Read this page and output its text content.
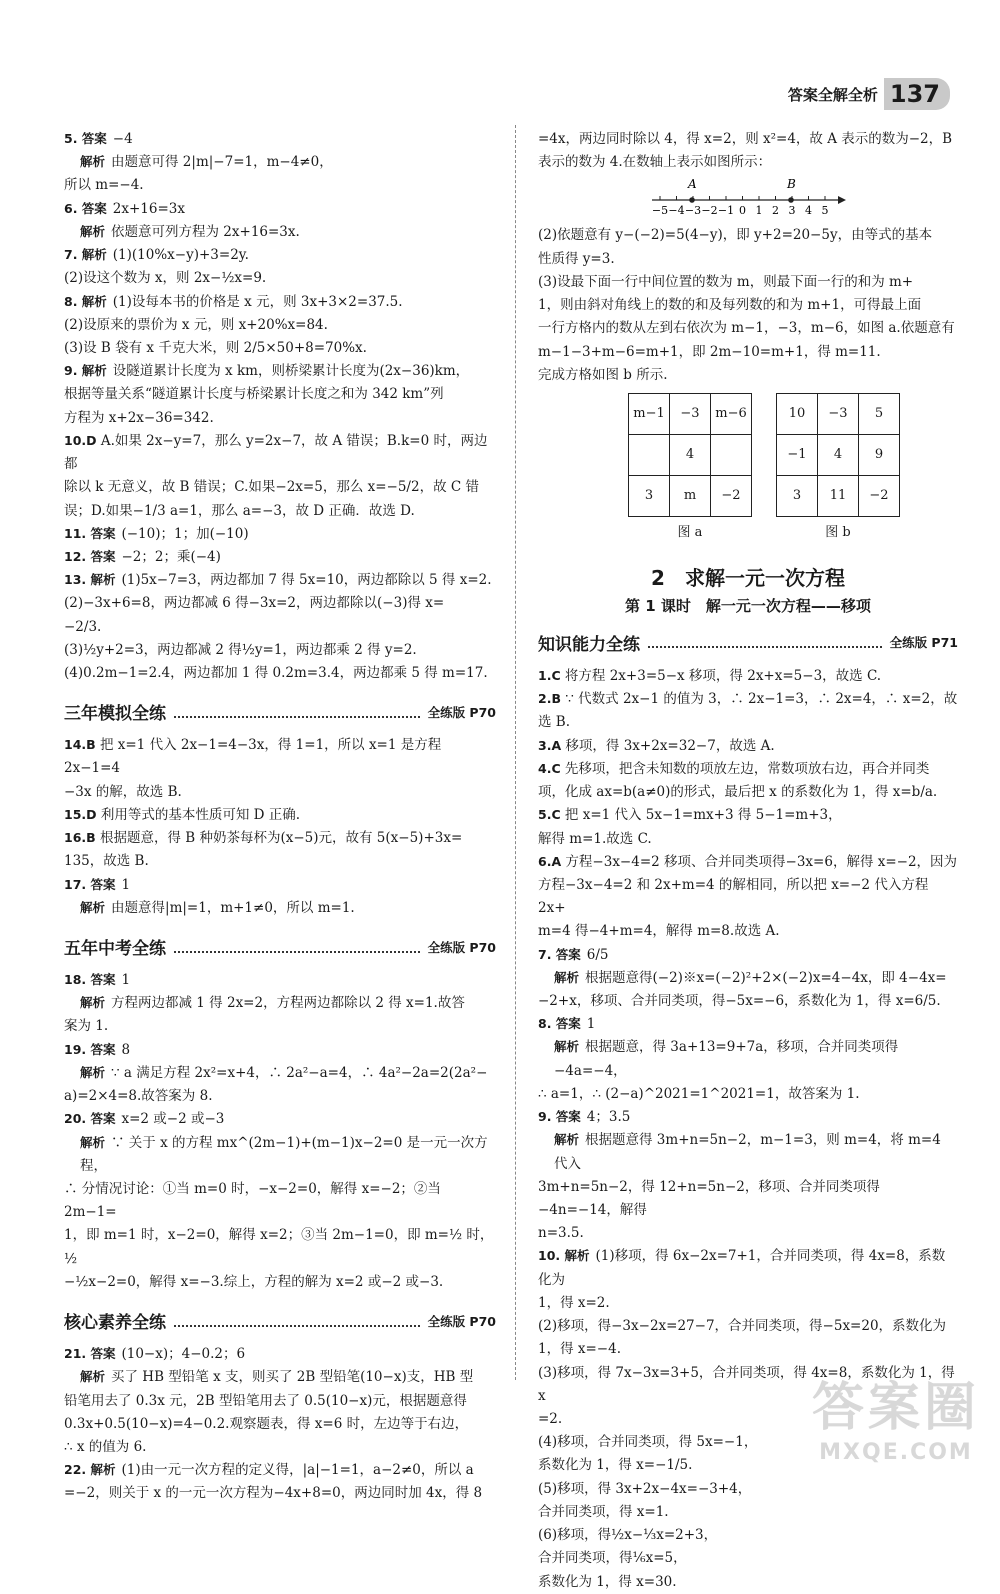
答案全解全析 137
5. 答案 −4
解析 由题意可得 2|m|−7=1，m−4≠0，
所以 m=−4.
6. 答案 2x+16=3x
解析 依题意可列方程为 2x+16=3x.
7. 解析 (1)(10%x−y)+3=2y.
(2)设这个数为 x，则 2x−½x=9.
8. 解析 (1)设每本书的价格是 x 元，则 3x+3×2=37.5.
(2)设原来的票价为 x 元，则 x+20%x=84.
(3)设 B 袋有 x 千克大米，则 2/5×50+8=70%x.
9. 解析 设隧道累计长度为 x km，则桥梁累计长度为(2x−36)km，
根据等量关系“隧道累计长度与桥梁累计长度之和为 342 km”列
方程为 x+2x−36=342.
10.D A.如果 2x−y=7，那么 y=2x−7，故 A 错误；B.k=0 时，两边都
除以 k 无意义，故 B 错误；C.如果−2x=5，那么 x=−5/2，故 C 错
误；D.如果−1/3 a=1，那么 a=−3，故 D 正确．故选 D.
11. 答案 (−10)；1；加(−10)
12. 答案 −2；2；乘(−4)
13. 解析 (1)5x−7=3，两边都加 7 得 5x=10，两边都除以 5 得 x=2.
(2)−3x+6=8，两边都减 6 得−3x=2，两边都除以(−3)得 x=
−2/3.
(3)½y+2=3，两边都减 2 得½y=1，两边都乘 2 得 y=2.
(4)0.2m−1=2.4，两边都加 1 得 0.2m=3.4，两边都乘 5 得 m=17.
三年模拟全练	全练版 P70
14.B 把 x=1 代入 2x−1=4−3x，得 1=1，所以 x=1 是方程 2x−1=4
−3x 的解，故选 B.
15.D 利用等式的基本性质可知 D 正确.
16.B 根据题意，得 B 种奶茶每杯为(x−5)元，故有 5(x−5)+3x=
135，故选 B.
17. 答案 1
解析 由题意得|m|=1，m+1≠0，所以 m=1.
五年中考全练	全练版 P70
18. 答案 1
解析 方程两边都减 1 得 2x=2，方程两边都除以 2 得 x=1.故答
案为 1.
19. 答案 8
解析 ∵ a 满足方程 2x²=x+4，∴ 2a²−a=4，∴ 4a²−2a=2(2a²−
a)=2×4=8.故答案为 8.
20. 答案 x=2 或−2 或−3
解析 ∵ 关于 x 的方程 mx^(2m−1)+(m−1)x−2=0 是一元一次方程，
∴ 分情况讨论：①当 m=0 时，−x−2=0，解得 x=−2；②当 2m−1=
1，即 m=1 时，x−2=0，解得 x=2；③当 2m−1=0，即 m=½ 时，½
−½x−2=0，解得 x=−3.综上，方程的解为 x=2 或−2 或−3.
核心素养全练	全练版 P70
21. 答案 (10−x)；4−0.2；6
解析 买了 HB 型铅笔 x 支，则买了 2B 型铅笔(10−x)支，HB 型
铅笔用去了 0.3x 元，2B 型铅笔用去了 0.5(10−x)元，根据题意得
0.3x+0.5(10−x)=4−0.2.观察题表，得 x=6 时，左边等于右边，
∴ x 的值为 6.
22. 解析 (1)由一元一次方程的定义得，|a|−1=1，a−2≠0，所以 a
=−2，则关于 x 的一元一次方程为−4x+8=0，两边同时加 4x，得 8
=4x，两边同时除以 4，得 x=2，则 x²=4，故 A 表示的数为−2，B
表示的数为 4.在数轴上表示如图所示：
−5 −4 −3 −2 −1 0 1 2 3 4 5
A	B
(2)依题意有 y−(−2)=5(4−y)，即 y+2=20−5y，由等式的基本
性质得 y=3.
(3)设最下面一行中间位置的数为 m，则最下面一行的和为 m+
1，则由斜对角线上的数的和及每列数的和为 m+1，可得最上面
一行方格内的数从左到右依次为 m−1，−3，m−6，如图 a.依题意有
m−1−3+m−6=m+1，即 2m−10=m+1，得 m=11.
完成方格如图 b 所示.
m−1	−3	m−6
	4	
3	m	−2
图 a
10	−3	5
−1	4	9
3	11	−2
图 b
2　求解一元一次方程
第 1 课时　解一元一次方程——移项
知识能力全练	全练版 P71
1.C 将方程 2x+3=5−x 移项，得 2x+x=5−3，故选 C.
2.B ∵ 代数式 2x−1 的值为 3，∴ 2x−1=3，∴ 2x=4，∴ x=2，故选 B.
3.A 移项，得 3x+2x=32−7，故选 A.
4.C 先移项，把含未知数的项放左边，常数项放右边，再合并同类
项，化成 ax=b(a≠0)的形式，最后把 x 的系数化为 1，得 x=b/a.
5.C 把 x=1 代入 5x−1=mx+3 得 5−1=m+3，
解得 m=1.故选 C.
6.A 方程−3x−4=2 移项、合并同类项得−3x=6，解得 x=−2，因为
方程−3x−4=2 和 2x+m=4 的解相同，所以把 x=−2 代入方程 2x+
m=4 得−4+m=4，解得 m=8.故选 A.
7. 答案 6/5
解析 根据题意得(−2)※x=(−2)²+2×(−2)x=4−4x，即 4−4x=
−2+x，移项、合并同类项，得−5x=−6，系数化为 1，得 x=6/5.
8. 答案 1
解析 根据题意，得 3a+13=9+7a，移项，合并同类项得−4a=−4，
∴ a=1，∴ (2−a)^2021=1^2021=1，故答案为 1.
9. 答案 4；3.5
解析 根据题意得 3m+n=5n−2，m−1=3，则 m=4，将 m=4 代入
3m+n=5n−2，得 12+n=5n−2，移项、合并同类项得−4n=−14，解得
n=3.5.
10. 解析 (1)移项，得 6x−2x=7+1，合并同类项，得 4x=8，系数化为
1，得 x=2.
(2)移项，得−3x−2x=27−7，合并同类项，得−5x=20，系数化为
1，得 x=−4.
(3)移项，得 7x−3x=3+5，合并同类项，得 4x=8，系数化为 1，得 x
=2.
(4)移项，合并同类项，得 5x=−1，
系数化为 1，得 x=−1/5.
(5)移项，得 3x+2x−4x=−3+4，
合并同类项，得 x=1.
(6)移项，得½x−⅓x=2+3，
合并同类项，得⅙x=5，
系数化为 1，得 x=30.
答案圈
MXQE.COM
